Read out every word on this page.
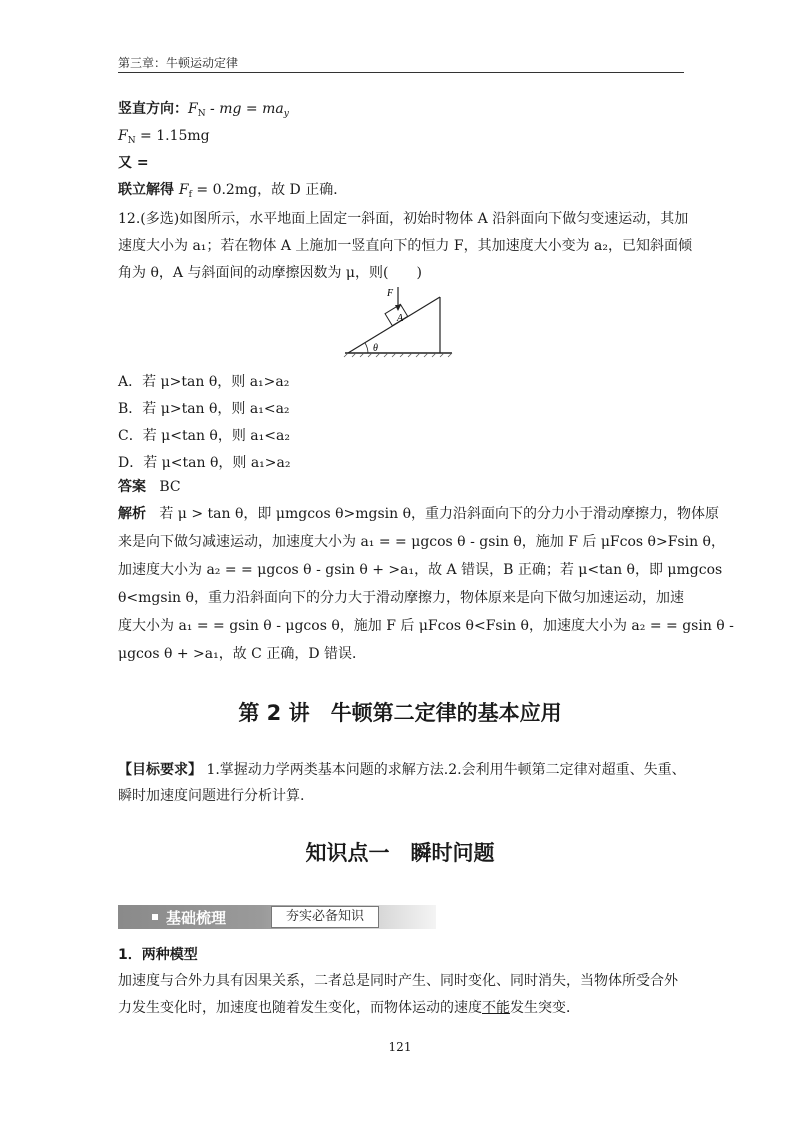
第三章：牛顿运动定律
竖直方向：$F_N$ - mg = $ma_y$
$F_N = 1.15mg$
又 =
联立解得 $F_f = 0.2mg$，故 D 正确．
12.(多选)如图所示，水平地面上固定一斜面，初始时物体 A 沿斜面向下做匀变速运动，其加
速度大小为 a₁；若在物体 A 上施加一竖直向下的恒力 F，其加速度大小变为 a₂，已知斜面倾
角为 θ，A 与斜面间的动摩擦因数为 μ，则(　　)
A
F
θ
A．若 μ>tan θ，则 a₁>a₂
B．若 μ>tan θ，则 a₁<a₂
C．若 μ<tan θ，则 a₁<a₂
D．若 μ<tan θ，则 a₁>a₂
答案 BC
解析 若 μ > tan θ，即 μmgcos θ>mgsin θ，重力沿斜面向下的分力小于滑动摩擦力，物体原
来是向下做匀减速运动，加速度大小为 a₁ = = μgcos θ - gsin θ，施加 F 后 μFcos θ>Fsin θ，
加速度大小为 a₂ = = μgcos θ - gsin θ + >a₁，故 A 错误，B 正确；若 μ<tan θ，即 μmgcos
θ<mgsin θ，重力沿斜面向下的分力大于滑动摩擦力，物体原来是向下做匀加速运动，加速
度大小为 a₁ = = gsin θ - μgcos θ，施加 F 后 μFcos θ<Fsin θ，加速度大小为 a₂ = = gsin θ -
μgcos θ + >a₁，故 C 正确，D 错误．
第 2 讲　牛顿第二定律的基本应用
【目标要求】 1.掌握动力学两类基本问题的求解方法.2.会利用牛顿第二定律对超重、失重、
瞬时加速度问题进行分析计算.
知识点一　瞬时问题
基础梳理	夯实必备知识
1．两种模型
加速度与合外力具有因果关系，二者总是同时产生、同时变化、同时消失，当物体所受合外
力发生变化时，加速度也随着发生变化，而物体运动的速度不能发生突变．
121
